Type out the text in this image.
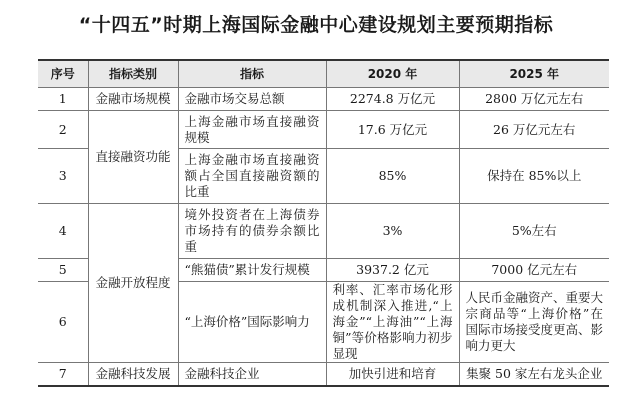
“十四五”时期上海国际金融中心建设规划主要预期指标
序号	指标类别	指标	2020 年	2025 年
1	金融市场规模	金融市场交易总额	2274.8 万亿元	2800 万亿元左右
2	直接融资功能	上海金融市场直接融资规模	17.6 万亿元	26 万亿元左右
3		上海金融市场直接融资额占全国直接融资额的比重	85%	保持在 85%以上
4	金融开放程度	境外投资者在上海债券市场持有的债券余额比重	3%	5%左右
5		“熊猫债”累计发行规模	3937.2 亿元	7000 亿元左右
6		“上海价格”国际影响力	利率、汇率市场化形成机制深入推进,“上海金”“上海油”“上海铜”等价格影响力初步显现	人民币金融资产、重要大宗商品等“上海价格”在国际市场接受度更高、影响力更大
7	金融科技发展	金融科技企业	加快引进和培育	集聚 50 家左右龙头企业
